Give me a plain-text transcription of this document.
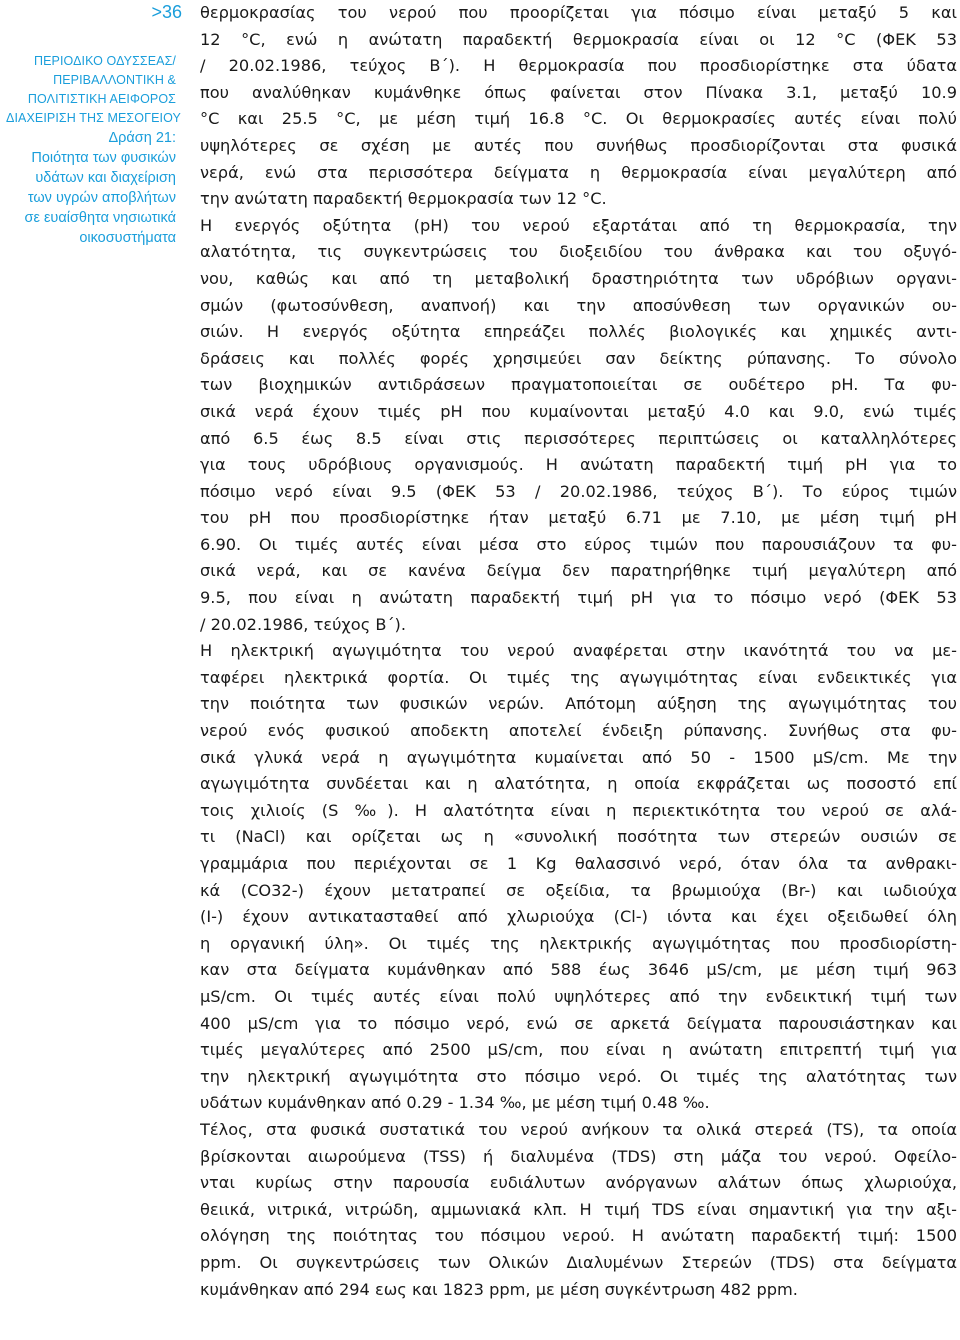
>36
ΠΕΡΙΟΔΙΚΟ ΟΔΥΣΣΕΑΣ/
ΠΕΡΙΒΑΛΛΟΝΤΙΚΗ &
ΠΟΛΙΤΙΣΤΙΚΗ ΑΕΙΦΟΡΟΣ
ΔΙΑΧΕΙΡΙΣΗ ΤΗΣ ΜΕΣΟΓΕΙΟΥ
Δράση 21:
Ποιότητα των φυσικών
υδάτων και διαχείριση
των υγρών αποβλήτων
σε ευαίσθητα νησιωτικά
οικοσυστήματα
θερμοκρασίας του νερού που προορίζεται για πόσιμο είναι μεταξύ 5 και
12 °C, ενώ η ανώτατη παραδεκτή θερμοκρασία είναι οι 12 °C (ΦΕΚ 53
/ 20.02.1986, τεύχος Β΄). Η θερμοκρασία που προσδιορίστηκε στα ύδατα
που αναλύθηκαν κυμάνθηκε όπως φαίνεται στον Πίνακα 3.1, μεταξύ 10.9
°C και 25.5 °C, με μέση τιμή 16.8 °C. Οι θερμοκρασίες αυτές είναι πολύ
υψηλότερες σε σχέση με αυτές που συνήθως προσδιορίζονται στα φυσικά
νερά, ενώ στα περισσότερα δείγματα η θερμοκρασία είναι μεγαλύτερη από
την ανώτατη παραδεκτή θερμοκρασία των 12 °C.
Η ενεργός οξύτητα (pH) του νερού εξαρτάται από τη θερμοκρασία, την
αλατότητα, τις συγκεντρώσεις του διοξειδίου του άνθρακα και του οξυγό-
νου, καθώς και από τη μεταβολική δραστηριότητα των υδρόβιων οργανι-
σμών (φωτοσύνθεση, αναπνοή) και την αποσύνθεση των οργανικών ου-
σιών. Η ενεργός οξύτητα επηρεάζει πολλές βιολογικές και χημικές αντι-
δράσεις και πολλές φορές χρησιμεύει σαν δείκτης ρύπανσης. Το σύνολο
των βιοχημικών αντιδράσεων πραγματοποιείται σε ουδέτερο pH. Τα φυ-
σικά νερά έχουν τιμές pH που κυμαίνονται μεταξύ 4.0 και 9.0, ενώ τιμές
από 6.5 έως 8.5 είναι στις περισσότερες περιπτώσεις οι καταλληλότερες
για τους υδρόβιους οργανισμούς. Η ανώτατη παραδεκτή τιμή pH για το
πόσιμο νερό είναι 9.5 (ΦΕΚ 53 / 20.02.1986, τεύχος Β΄). Το εύρος τιμών
του pH που προσδιορίστηκε ήταν μεταξύ 6.71 με 7.10, με μέση τιμή pH
6.90. Οι τιμές αυτές είναι μέσα στο εύρος τιμών που παρουσιάζουν τα φυ-
σικά νερά, και σε κανένα δείγμα δεν παρατηρήθηκε τιμή μεγαλύτερη από
9.5, που είναι η ανώτατη παραδεκτή τιμή pH για το πόσιμο νερό (ΦΕΚ 53
/ 20.02.1986, τεύχος Β΄).
Η ηλεκτρική αγωγιμότητα του νερού αναφέρεται στην ικανότητά του να με-
ταφέρει ηλεκτρικά φορτία. Οι τιμές της αγωγιμότητας είναι ενδεικτικές για
την ποιότητα των φυσικών νερών. Απότομη αύξηση της αγωγιμότητας του
νερού ενός φυσικού αποδεκτη αποτελεί ένδειξη ρύπανσης. Συνήθως στα φυ-
σικά γλυκά νερά η αγωγιμότητα κυμαίνεται από 50 - 1500 μS/cm. Με την
αγωγιμότητα συνδέεται και η αλατότητα, η οποία εκφράζεται ως ποσοστό επί
τοις χιλιοίς (S ‰). Η αλατότητα είναι η περιεκτικότητα του νερού σε αλά-
τι (NaCl) και ορίζεται ως η «συνολική ποσότητα των στερεών ουσιών σε
γραμμάρια που περιέχονται σε 1 Kg θαλασσινό νερό, όταν όλα τα ανθρακι-
κά (CO32-) έχουν μετατραπεί σε οξείδια, τα βρωμιούχα (Br-) και ιωδιούχα
(I-) έχουν αντικατασταθεί από χλωριούχα (Cl-) ιόντα και έχει οξειδωθεί όλη
η οργανική ύλη». Οι τιμές της ηλεκτρικής αγωγιμότητας που προσδιορίστη-
καν στα δείγματα κυμάνθηκαν από 588 έως 3646 μS/cm, με μέση τιμή 963
μS/cm. Οι τιμές αυτές είναι πολύ υψηλότερες από την ενδεικτική τιμή των
400 μS/cm για το πόσιμο νερό, ενώ σε αρκετά δείγματα παρουσιάστηκαν και
τιμές μεγαλύτερες από 2500 μS/cm, που είναι η ανώτατη επιτρεπτή τιμή για
την ηλεκτρική αγωγιμότητα στο πόσιμο νερό. Οι τιμές της αλατότητας των
υδάτων κυμάνθηκαν από 0.29 - 1.34 ‰, με μέση τιμή 0.48 ‰.
Τέλος, στα φυσικά συστατικά του νερού ανήκουν τα ολικά στερεά (TS), τα οποία
βρίσκονται αιωρούμενα (TSS) ή διαλυμένα (TDS) στη μάζα του νερού. Οφείλο-
νται κυρίως στην παρουσία ευδιάλυτων ανόργανων αλάτων όπως χλωριούχα,
θειικά, νιτρικά, νιτρώδη, αμμωνιακά κλπ. Η τιμή TDS είναι σημαντική για την αξι-
ολόγηση της ποιότητας του πόσιμου νερού. Η ανώτατη παραδεκτή τιμή: 1500
ppm. Οι συγκεντρώσεις των Ολικών Διαλυμένων Στερεών (TDS) στα δείγματα
κυμάνθηκαν από 294 εως και 1823 ppm, με μέση συγκέντρωση 482 ppm.
